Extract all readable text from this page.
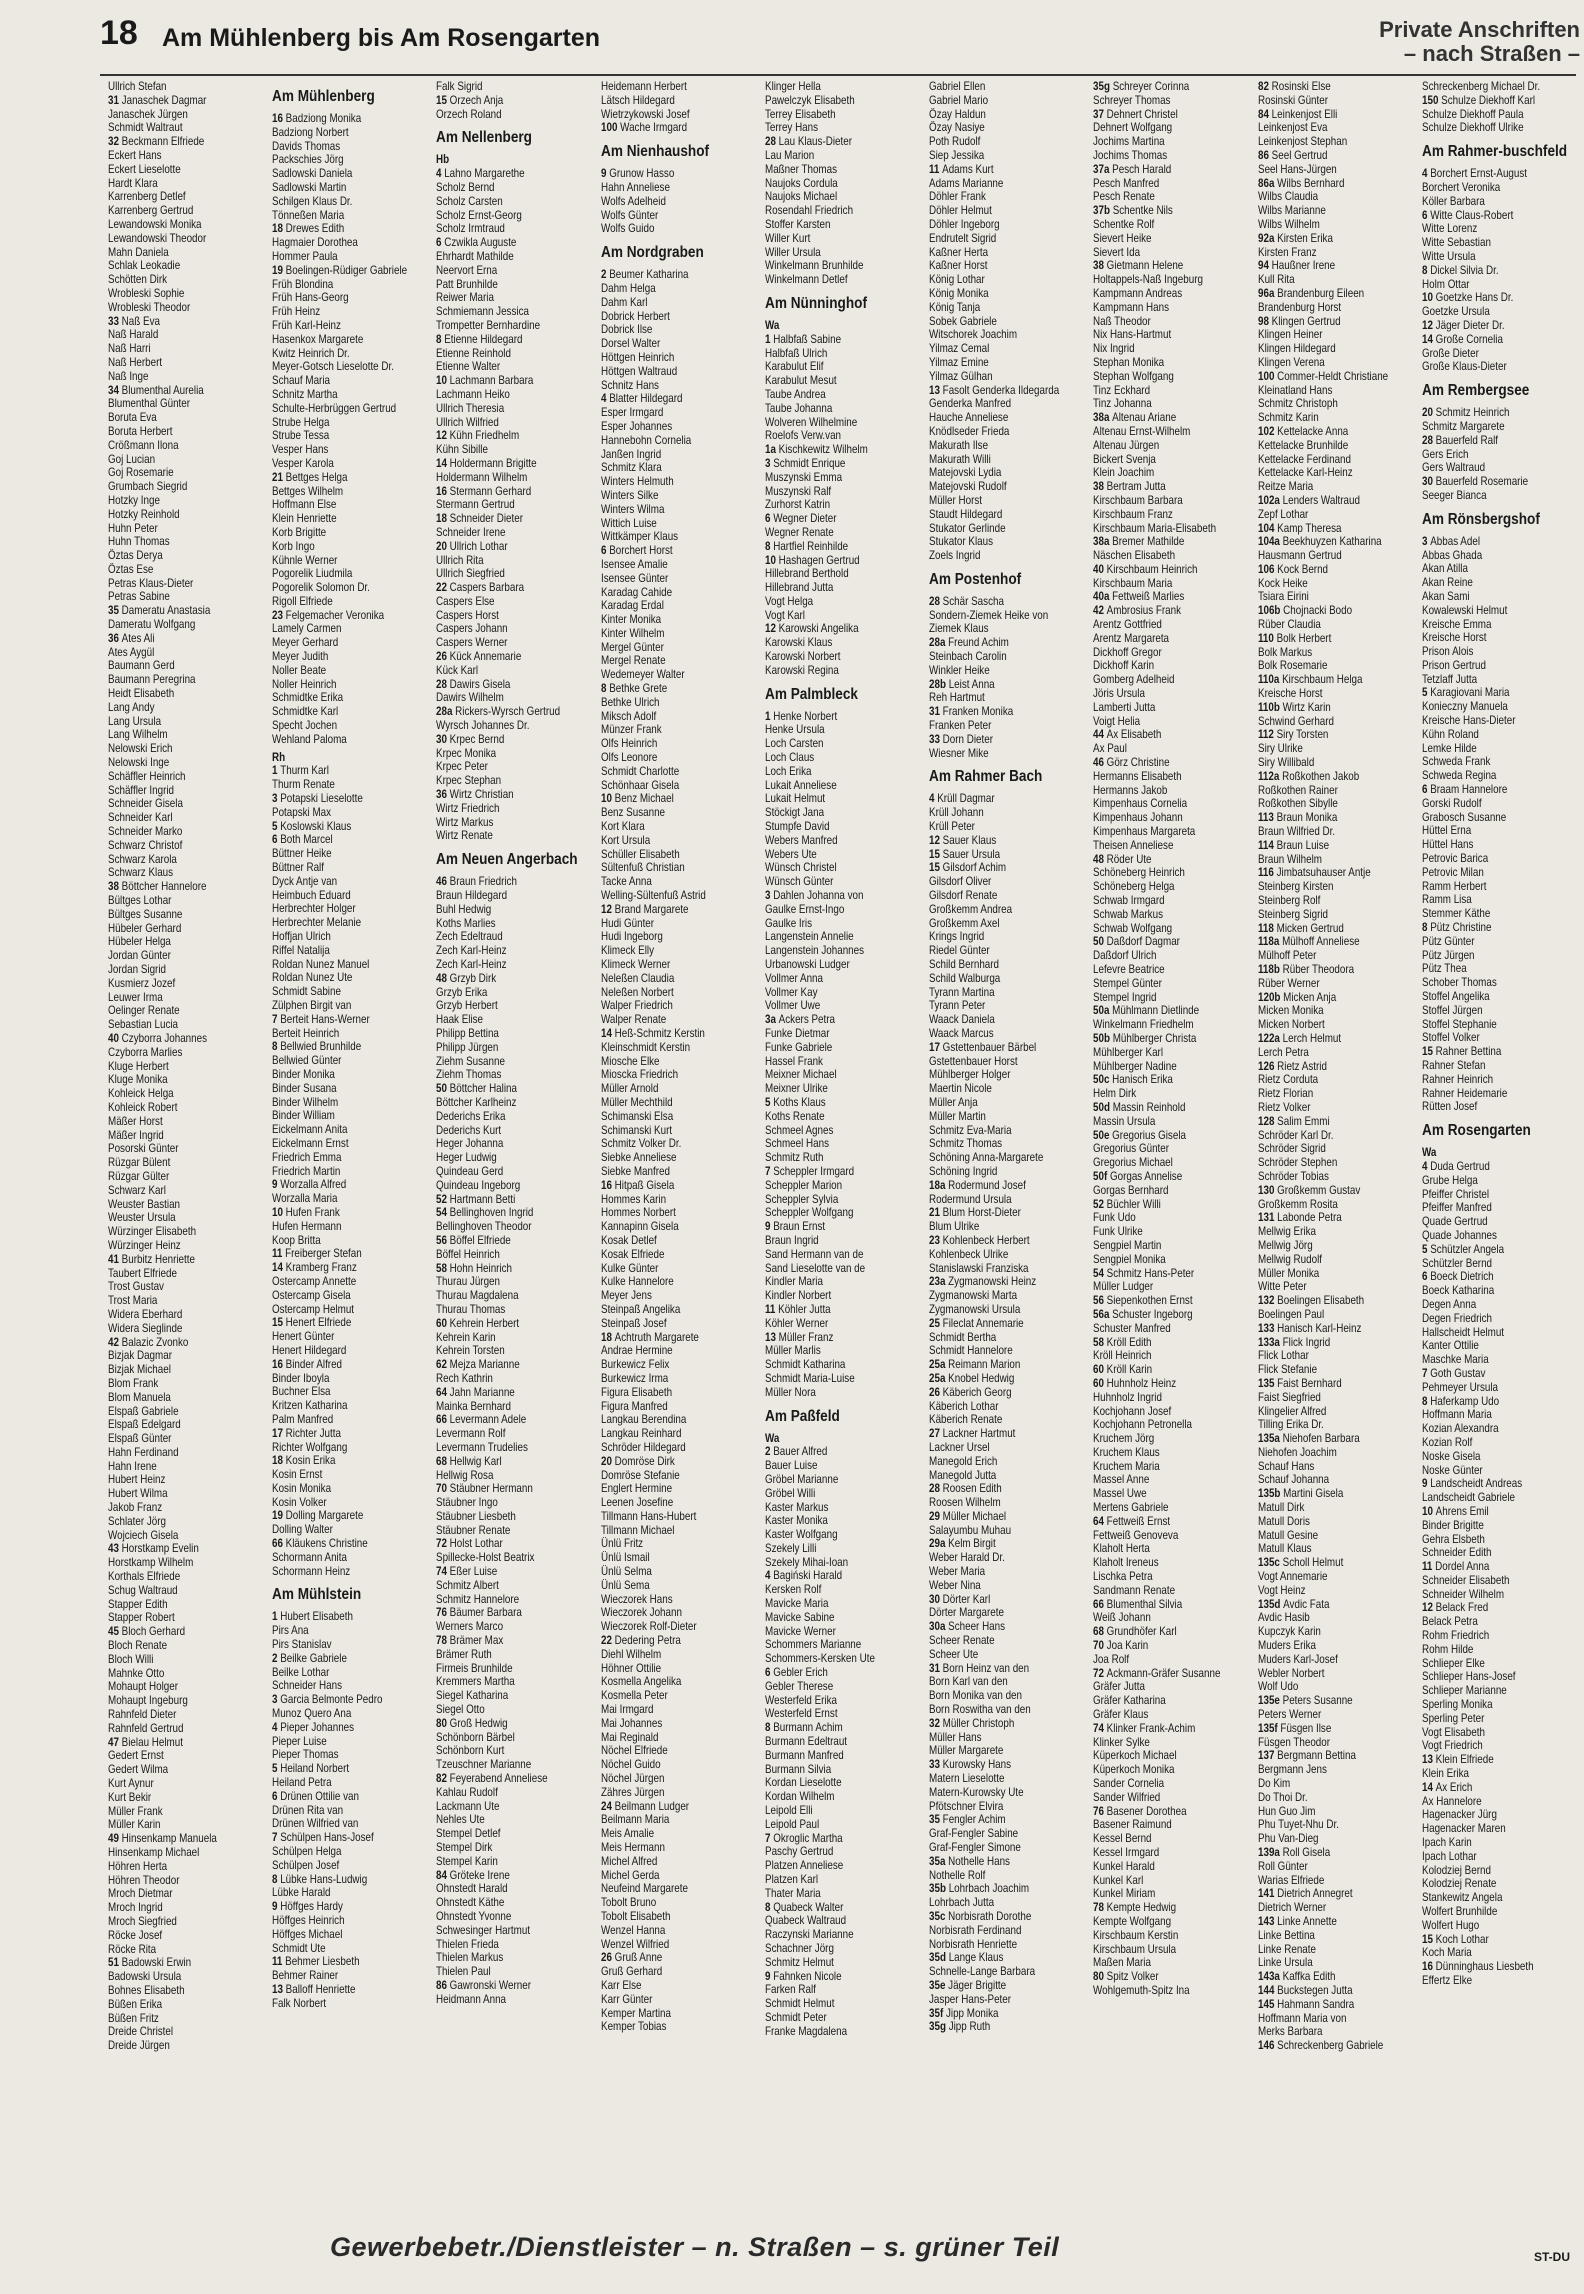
18 Am Mühlenberg bis Am Rosengarten	Private Anschriften
– nach Straßen –
Ullrich Stefan
31 Janaschek Dagmar
Janaschek Jürgen
Schmidt Waltraut
32 Beckmann Elfriede
Eckert Hans
Eckert Lieselotte
Hardt Klara
Karrenberg Detlef
Karrenberg Gertrud
Lewandowski Monika
Lewandowski Theodor
Mahn Daniela
Schlak Leokadie
Schötten Dirk
Wrobleski Sophie
Wrobleski Theodor
33 Naß Eva
Naß Harald
Naß Harri
Naß Herbert
Naß Inge
34 Blumenthal Aurelia
Blumenthal Günter
Boruta Eva
Boruta Herbert
Crößmann Ilona
Goj Lucian
Goj Rosemarie
Grumbach Siegrid
Hotzky Inge
Hotzky Reinhold
Huhn Peter
Huhn Thomas
Öztas Derya
Öztas Ese
Petras Klaus-Dieter
Petras Sabine
35 Dameratu Anastasia
Dameratu Wolfgang
36 Ates Ali
Ates Aygül
Baumann Gerd
Baumann Peregrina
Heidt Elisabeth
Lang Andy
Lang Ursula
Lang Wilhelm
Nelowski Erich
Nelowski Inge
Schäffler Heinrich
Schäffler Ingrid
Schneider Gisela
Schneider Karl
Schneider Marko
Schwarz Christof
Schwarz Karola
Schwarz Klaus
38 Böttcher Hannelore
Bültges Lothar
Bültges Susanne
Hübeler Gerhard
Hübeler Helga
Jordan Günter
Jordan Sigrid
Kusmierz Jozef
Leuwer Irma
Oelinger Renate
Sebastian Lucia
40 Czyborra Johannes
Czyborra Marlies
Kluge Herbert
Kluge Monika
Kohleick Helga
Kohleick Robert
Mäßer Horst
Mäßer Ingrid
Posorski Günter
Rüzgar Bülent
Rüzgar Gülter
Schwarz Karl
Weuster Bastian
Weuster Ursula
Würzinger Elisabeth
Würzinger Heinz
41 Burbitz Henriette
Taubert Elfriede
Trost Gustav
Trost Maria
Widera Eberhard
Widera Sieglinde
42 Balazic Zvonko
Bizjak Dagmar
Bizjak Michael
Blom Frank
Blom Manuela
Elspaß Gabriele
Elspaß Edelgard
Elspaß Günter
Hahn Ferdinand
Hahn Irene
Hubert Heinz
Hubert Wilma
Jakob Franz
Schlater Jörg
Wojciech Gisela
43 Horstkamp Evelin
Horstkamp Wilhelm
Korthals Elfriede
Schug Waltraud
Stapper Edith
Stapper Robert
45 Bloch Gerhard
Bloch Renate
Bloch Willi
Mahnke Otto
Mohaupt Holger
Mohaupt Ingeburg
Rahnfeld Dieter
Rahnfeld Gertrud
47 Bielau Helmut
Gedert Ernst
Gedert Wilma
Kurt Aynur
Kurt Bekir
Müller Frank
Müller Karin
49 Hinsenkamp Manuela
Hinsenkamp Michael
Höhren Herta
Höhren Theodor
Mroch Dietmar
Mroch Ingrid
Mroch Siegfried
Röcke Josef
Röcke Rita
51 Badowski Erwin
Badowski Ursula
Bohnes Elisabeth
Büßen Erika
Büßen Fritz
Dreide Christel
Dreide Jürgen
Am Mühlenberg
16 Badziong Monika
Badziong Norbert
Davids Thomas
Packschies Jörg
Sadlowski Daniela
Sadlowski Martin
Schilgen Klaus Dr.
Tönneßen Maria
18 Drewes Edith
Hagmaier Dorothea
Hommer Paula
19 Boelingen-Rüdiger Gabriele
Früh Blondina
Früh Hans-Georg
Früh Heinz
Früh Karl-Heinz
Hasenkox Margarete
Kwitz Heinrich Dr.
Meyer-Gotsch Lieselotte Dr.
Schauf Maria
Schnitz Martha
Schulte-Herbrüggen Gertrud
Strube Helga
Strube Tessa
Vesper Hans
Vesper Karola
21 Bettges Helga
Bettges Wilhelm
Hoffmann Else
Klein Henriette
Korb Brigitte
Korb Ingo
Kühnle Werner
Pogorelik Liudmila
Pogorelik Solomon Dr.
Rigoll Elfriede
23 Felgemacher Veronika
Lamely Carmen
Meyer Gerhard
Meyer Judith
Noller Beate
Noller Heinrich
Schmidtke Erika
Schmidtke Karl
Specht Jochen
Wehland Paloma
Rh
1 Thurm Karl
Thurm Renate
3 Potapski Lieselotte
Potapski Max
5 Koslowski Klaus
6 Both Marcel
Büttner Heike
Büttner Ralf
Dyck Antje van
Heimbuch Eduard
Herbrechter Holger
Herbrechter Melanie
Hoffjan Ulrich
Riffel Natalija
Roldan Nunez Manuel
Roldan Nunez Ute
Schmidt Sabine
Zülphen Birgit van
7 Berteit Hans-Werner
Berteit Heinrich
8 Bellwied Brunhilde
Bellwied Günter
Binder Monika
Binder Susana
Binder Wilhelm
Binder William
Eickelmann Anita
Eickelmann Ernst
Friedrich Emma
Friedrich Martin
9 Worzalla Alfred
Worzalla Maria
10 Hufen Frank
Hufen Hermann
Koop Britta
11 Freiberger Stefan
14 Kramberg Franz
Ostercamp Annette
Ostercamp Gisela
Ostercamp Helmut
15 Henert Elfriede
Henert Günter
Henert Hildegard
16 Binder Alfred
Binder Iboyla
Buchner Elsa
Kritzen Katharina
Palm Manfred
17 Richter Jutta
Richter Wolfgang
18 Kosin Erika
Kosin Ernst
Kosin Monika
Kosin Volker
19 Dolling Margarete
Dolling Walter
66 Kläukens Christine
Schormann Anita
Schormann Heinz
Am Mühlstein
1 Hubert Elisabeth
Pirs Ana
Pirs Stanislav
2 Beilke Gabriele
Beilke Lothar
Schneider Hans
3 Garcia Belmonte Pedro
Munoz Quero Ana
4 Pieper Johannes
Pieper Luise
Pieper Thomas
5 Heiland Norbert
Heiland Petra
6 Drünen Ottilie van
Drünen Rita van
Drünen Wilfried van
7 Schülpen Hans-Josef
Schülpen Helga
Schülpen Josef
8 Lübke Hans-Ludwig
Lübke Harald
9 Höffges Hardy
Höffges Heinrich
Höffges Michael
Schmidt Ute
11 Behmer Liesbeth
Behmer Rainer
13 Balloff Henriette
Falk Norbert
Falk Sigrid
15 Orzech Anja
Orzech Roland
Am Nellenberg
Hb
4 Lahno Margarethe
Scholz Bernd
Scholz Carsten
Scholz Ernst-Georg
Scholz Irmtraud
6 Czwikla Auguste
Ehrhardt Mathilde
Neervort Erna
Patt Brunhilde
Reiwer Maria
Schmiemann Jessica
Trompetter Bernhardine
8 Etienne Hildegard
Etienne Reinhold
Etienne Walter
10 Lachmann Barbara
Lachmann Heiko
Ullrich Theresia
Ullrich Wilfried
12 Kühn Friedhelm
Kühn Sibille
14 Holdermann Brigitte
Holdermann Wilhelm
16 Stermann Gerhard
Stermann Gertrud
18 Schneider Dieter
Schneider Irene
20 Ullrich Lothar
Ullrich Rita
Ullrich Siegfried
22 Caspers Barbara
Caspers Else
Caspers Horst
Caspers Johann
Caspers Werner
26 Kück Annemarie
Kück Karl
28 Dawirs Gisela
Dawirs Wilhelm
28a Rickers-Wyrsch Gertrud
Wyrsch Johannes Dr.
30 Krpec Bernd
Krpec Monika
Krpec Peter
Krpec Stephan
36 Wirtz Christian
Wirtz Friedrich
Wirtz Markus
Wirtz Renate
Am Neuen Angerbach
46 Braun Friedrich
Braun Hildegard
Buhl Hedwig
Koths Marlies
Zech Edeltraud
Zech Karl-Heinz
Zech Karl-Heinz
48 Grzyb Dirk
Grzyb Erika
Grzyb Herbert
Haak Elise
Philipp Bettina
Philipp Jürgen
Ziehm Susanne
Ziehm Thomas
50 Böttcher Halina
Böttcher Karlheinz
Dederichs Erika
Dederichs Kurt
Heger Johanna
Heger Ludwig
Quindeau Gerd
Quindeau Ingeborg
52 Hartmann Betti
54 Bellinghoven Ingrid
Bellinghoven Theodor
56 Böffel Elfriede
Böffel Heinrich
58 Hohn Heinrich
Thurau Jürgen
Thurau Magdalena
Thurau Thomas
60 Kehrein Herbert
Kehrein Karin
Kehrein Torsten
62 Mejza Marianne
Rech Kathrin
64 Jahn Marianne
Mainka Bernhard
66 Levermann Adele
Levermann Rolf
Levermann Trudelies
68 Hellwig Karl
Hellwig Rosa
70 Stäubner Hermann
Stäubner Ingo
Stäubner Liesbeth
Stäubner Renate
72 Holst Lothar
Spillecke-Holst Beatrix
74 Eßer Luise
Schmitz Albert
Schmitz Hannelore
76 Bäumer Barbara
Werners Marco
78 Brämer Max
Brämer Ruth
Firmeis Brunhilde
Kremmers Martha
Siegel Katharina
Siegel Otto
80 Groß Hedwig
Schönborn Bärbel
Schönborn Kurt
Tzeuschner Marianne
82 Feyerabend Anneliese
Kahlau Rudolf
Lackmann Ute
Nehles Ute
Stempel Detlef
Stempel Dirk
Stempel Karin
84 Gröteke Irene
Ohnstedt Harald
Ohnstedt Käthe
Ohnstedt Yvonne
Schwesinger Hartmut
Thielen Frieda
Thielen Markus
Thielen Paul
86 Gawronski Werner
Heidmann Anna
Heidemann Herbert
Lätsch Hildegard
Wietrzykowski Josef
100 Wache Irmgard
Am Nienhaushof
9 Grunow Hasso
Hahn Anneliese
Wolfs Adelheid
Wolfs Günter
Wolfs Guido
Am Nordgraben
2 Beumer Katharina
Dahm Helga
Dahm Karl
Dobrick Herbert
Dobrick Ilse
Dorsel Walter
Höttgen Heinrich
Höttgen Waltraud
Schnitz Hans
4 Blatter Hildegard
Esper Irmgard
Esper Johannes
Hannebohn Cornelia
Janßen Ingrid
Schmitz Klara
Winters Helmuth
Winters Silke
Winters Wilma
Wittich Luise
Wittkämper Klaus
6 Borchert Horst
Isensee Amalie
Isensee Günter
Karadag Cahide
Karadag Erdal
Kinter Monika
Kinter Wilhelm
Mergel Günter
Mergel Renate
Wedemeyer Walter
8 Bethke Grete
Bethke Ulrich
Miksch Adolf
Münzer Frank
Olfs Heinrich
Olfs Leonore
Schmidt Charlotte
Schönhaar Gisela
10 Benz Michael
Benz Susanne
Kort Klara
Kort Ursula
Schüller Elisabeth
Sültenfuß Christian
Tacke Anna
Welling-Sültenfuß Astrid
12 Brand Margarete
Hudi Günter
Hudi Ingeborg
Klimeck Elly
Klimeck Werner
Neleßen Claudia
Neleßen Norbert
Walper Friedrich
Walper Renate
14 Heß-Schmitz Kerstin
Kleinschmidt Kerstin
Miosche Elke
Mioscka Friedrich
Müller Arnold
Müller Mechthild
Schimanski Elsa
Schimanski Kurt
Schmitz Volker Dr.
Siebke Anneliese
Siebke Manfred
16 Hitpaß Gisela
Hommes Karin
Hommes Norbert
Kannapinn Gisela
Kosak Detlef
Kosak Elfriede
Kulke Günter
Kulke Hannelore
Meyer Jens
Steinpaß Angelika
Steinpaß Josef
18 Achtruth Margarete
Andrae Hermine
Burkewicz Felix
Burkewicz Irma
Figura Elisabeth
Figura Manfred
Langkau Berendina
Langkau Reinhard
Schröder Hildegard
20 Domröse Dirk
Domröse Stefanie
Englert Hermine
Leenen Josefine
Tillmann Hans-Hubert
Tillmann Michael
Ünlü Fritz
Ünlü Ismail
Ünlü Selma
Ünlü Sema
Wieczorek Hans
Wieczorek Johann
Wieczorek Rolf-Dieter
22 Dedering Petra
Diehl Wilhelm
Höhner Ottilie
Kosmella Angelika
Kosmella Peter
Mai Irmgard
Mai Johannes
Mai Reginald
Nöchel Elfriede
Nöchel Guido
Nöchel Jürgen
Zähres Jürgen
24 Beilmann Ludger
Beilmann Maria
Meis Amalie
Meis Hermann
Michel Alfred
Michel Gerda
Neufeind Margarete
Tobolt Bruno
Tobolt Elisabeth
Wenzel Hanna
Wenzel Wilfried
26 Gruß Anne
Gruß Gerhard
Karr Else
Karr Günter
Kemper Martina
Kemper Tobias
Klinger Hella
Pawelczyk Elisabeth
Terrey Elisabeth
Terrey Hans
28 Lau Klaus-Dieter
Lau Marion
Maßner Thomas
Naujoks Cordula
Naujoks Michael
Rosendahl Friedrich
Stoffer Karsten
Willer Kurt
Willer Ursula
Winkelmann Brunhilde
Winkelmann Detlef
Am Nünninghof
Wa
1 Halbfaß Sabine
Halbfaß Ulrich
Karabulut Elif
Karabulut Mesut
Taube Andrea
Taube Johanna
Wolveren Wilhelmine
Roelofs Verw.van
1a Kischkewitz Wilhelm
3 Schmidt Enrique
Muszynski Emma
Muszynski Ralf
Zurhorst Katrin
6 Wegner Dieter
Wegner Renate
8 Hartfiel Reinhilde
10 Hashagen Gertrud
Hillebrand Berthold
Hillebrand Jutta
Vogt Helga
Vogt Karl
12 Karowski Angelika
Karowski Klaus
Karowski Norbert
Karowski Regina
Am Palmbleck
1 Henke Norbert
Henke Ursula
Loch Carsten
Loch Claus
Loch Erika
Lukait Anneliese
Lukait Helmut
Stöckigt Jana
Stumpfe David
Webers Manfred
Webers Ute
Wünsch Christel
Wünsch Günter
3 Dahlen Johanna von
Gaulke Ernst-Ingo
Gaulke Iris
Langenstein Annelie
Langenstein Johannes
Urbanowski Ludger
Vollmer Anna
Vollmer Kay
Vollmer Uwe
3a Ackers Petra
Funke Dietmar
Funke Gabriele
Hassel Frank
Meixner Michael
Meixner Ulrike
5 Koths Klaus
Koths Renate
Schmeel Agnes
Schmeel Hans
Schmitz Ruth
7 Scheppler Irmgard
Scheppler Marion
Scheppler Sylvia
Scheppler Wolfgang
9 Braun Ernst
Braun Ingrid
Sand Hermann van de
Sand Lieselotte van de
Kindler Maria
Kindler Norbert
11 Köhler Jutta
Köhler Werner
13 Müller Franz
Müller Marlis
Schmidt Katharina
Schmidt Maria-Luise
Müller Nora
Am Paßfeld
Wa
2 Bauer Alfred
Bauer Luise
Gröbel Marianne
Gröbel Willi
Kaster Markus
Kaster Monika
Kaster Wolfgang
Szekely Lilli
Szekely Mihai-Ioan
4 Bagiński Harald
Kersken Rolf
Mavicke Maria
Mavicke Sabine
Mavicke Werner
Schommers Marianne
Schommers-Kersken Ute
6 Gebler Erich
Gebler Therese
Westerfeld Erika
Westerfeld Ernst
8 Burmann Achim
Burmann Edeltraut
Burmann Manfred
Burmann Silvia
Kordan Lieselotte
Kordan Wilhelm
Leipold Elli
Leipold Paul
7 Okroglic Martha
Paschy Gertrud
Platzen Anneliese
Platzen Karl
Thater Maria
8 Quabeck Walter
Quabeck Waltraud
Raczynski Marianne
Schachner Jörg
Schmitz Helmut
9 Fahnken Nicole
Farken Ralf
Schmidt Helmut
Schmidt Peter
Franke Magdalena
Gabriel Ellen
Gabriel Mario
Özay Haldun
Özay Nasiye
Poth Rudolf
Siep Jessika
11 Adams Kurt
Adams Marianne
Döhler Frank
Döhler Helmut
Döhler Ingeborg
Endrutelt Sigrid
Kaßner Herta
Kaßner Horst
König Lothar
König Monika
König Tanja
Sobek Gabriele
Witschorek Joachim
Yilmaz Cemal
Yilmaz Emine
Yilmaz Gülhan
13 Fasolt Genderka Ildegarda
Genderka Manfred
Hauche Anneliese
Knödlseder Frieda
Makurath Ilse
Makurath Willi
Matejovski Lydia
Matejovski Rudolf
Müller Horst
Staudt Hildegard
Stukator Gerlinde
Stukator Klaus
Zoels Ingrid
Am Postenhof
28 Schär Sascha
Sondern-Ziemek Heike von
Ziemek Klaus
28a Freund Achim
Steinbach Carolin
Winkler Heike
28b Leist Anna
Reh Hartmut
31 Franken Monika
Franken Peter
33 Dorn Dieter
Wiesner Mike
Am Rahmer Bach
4 Krüll Dagmar
Krüll Johann
Krüll Peter
12 Sauer Klaus
15 Sauer Ursula
15 Gilsdorf Achim
Gilsdorf Oliver
Gilsdorf Renate
Großkemm Andrea
Großkemm Axel
Krings Ingrid
Riedel Günter
Schild Bernhard
Schild Walburga
Tyrann Martina
Tyrann Peter
Waack Daniela
Waack Marcus
17 Gstettenbauer Bärbel
Gstettenbauer Horst
Mühlberger Holger
Maertin Nicole
Müller Anja
Müller Martin
Schmitz Eva-Maria
Schmitz Thomas
Schöning Anna-Margarete
Schöning Ingrid
18a Rodermund Josef
Rodermund Ursula
21 Blum Horst-Dieter
Blum Ulrike
23 Kohlenbeck Herbert
Kohlenbeck Ulrike
Stanislawski Franziska
23a Zygmanowski Heinz
Zygmanowski Marta
Zygmanowski Ursula
25 Fileclat Annemarie
Schmidt Bertha
Schmidt Hannelore
25a Reimann Marion
25a Knobel Hedwig
26 Käberich Georg
Käberich Lothar
Käberich Renate
27 Lackner Hartmut
Lackner Ursel
Manegold Erich
Manegold Jutta
28 Roosen Edith
Roosen Wilhelm
29 Müller Michael
Salayumbu Muhau
29a Kelm Birgit
Weber Harald Dr.
Weber Maria
Weber Nina
30 Dörter Karl
Dörter Margarete
30a Scheer Hans
Scheer Renate
Scheer Ute
31 Born Heinz van den
Born Karl van den
Born Monika van den
Born Roswitha van den
32 Müller Christoph
Müller Hans
Müller Margarete
33 Kurowsky Hans
Matern Lieselotte
Matern-Kurowsky Ute
Pfötschner Elvira
35 Fengler Achim
Graf-Fengler Sabine
Graf-Fengler Simone
35a Nothelle Hans
Nothelle Rolf
35b Lohrbach Joachim
Lohrbach Jutta
35c Norbisrath Dorothe
Norbisrath Ferdinand
Norbisrath Henriette
35d Lange Klaus
Schnelle-Lange Barbara
35e Jäger Brigitte
Jasper Hans-Peter
35f Jipp Monika
35g Jipp Ruth
35g Schreyer Corinna
Schreyer Thomas
37 Dehnert Christel
Dehnert Wolfgang
Jochims Martina
Jochims Thomas
37a Pesch Harald
Pesch Manfred
Pesch Renate
37b Schentke Nils
Schentke Rolf
Sievert Heike
Sievert Ida
38 Gietmann Helene
Holtappels-Naß Ingeburg
Kampmann Andreas
Kampmann Hans
Naß Theodor
Nix Hans-Hartmut
Nix Ingrid
Stephan Monika
Stephan Wolfgang
Tinz Eckhard
Tinz Johanna
38a Altenau Ariane
Altenau Ernst-Wilhelm
Altenau Jürgen
Bickert Svenja
Klein Joachim
38 Bertram Jutta
Kirschbaum Barbara
Kirschbaum Franz
Kirschbaum Maria-Elisabeth
38a Bremer Mathilde
Näschen Elisabeth
40 Kirschbaum Heinrich
Kirschbaum Maria
40a Fettweiß Marlies
42 Ambrosius Frank
Arentz Gottfried
Arentz Margareta
Dickhoff Gregor
Dickhoff Karin
Gomberg Adelheid
Jöris Ursula
Lamberti Jutta
Voigt Helia
44 Ax Elisabeth
Ax Paul
46 Görz Christine
Hermanns Elisabeth
Hermanns Jakob
Kimpenhaus Cornelia
Kimpenhaus Johann
Kimpenhaus Margareta
Theisen Anneliese
48 Röder Ute
Schöneberg Heinrich
Schöneberg Helga
Schwab Irmgard
Schwab Markus
Schwab Wolfgang
50 Daßdorf Dagmar
Daßdorf Ulrich
Lefevre Beatrice
Stempel Günter
Stempel Ingrid
50a Mühlmann Dietlinde
Winkelmann Friedhelm
50b Mühlberger Christa
Mühlberger Karl
Mühlberger Nadine
50c Hanisch Erika
Helm Dirk
50d Massin Reinhold
Massin Ursula
50e Gregorius Gisela
Gregorius Günter
Gregorius Michael
50f Gorgas Annelise
Gorgas Bernhard
52 Büchler Willi
Funk Udo
Funk Ulrike
Sengpiel Martin
Sengpiel Monika
54 Schmitz Hans-Peter
Müller Ludger
56 Siepenkothen Ernst
56a Schuster Ingeborg
Schuster Manfred
58 Kröll Edith
Kröll Heinrich
60 Kröll Karin
60 Huhnholz Heinz
Huhnholz Ingrid
Kochjohann Josef
Kochjohann Petronella
Kruchem Jörg
Kruchem Klaus
Kruchem Maria
Massel Anne
Massel Uwe
Mertens Gabriele
64 Fettweiß Ernst
Fettweiß Genoveva
Klaholt Herta
Klaholt Ireneus
Lischka Petra
Sandmann Renate
66 Blumenthal Silvia
Weiß Johann
68 Grundhöfer Karl
70 Joa Karin
Joa Rolf
72 Ackmann-Gräfer Susanne
Gräfer Jutta
Gräfer Katharina
Gräfer Klaus
74 Klinker Frank-Achim
Klinker Sylke
Küperkoch Michael
Küperkoch Monika
Sander Cornelia
Sander Wilfried
76 Basener Dorothea
Basener Raimund
Kessel Bernd
Kessel Irmgard
Kunkel Harald
Kunkel Karl
Kunkel Miriam
78 Kempte Hedwig
Kempte Wolfgang
Kirschbaum Kerstin
Kirschbaum Ursula
Maßen Maria
80 Spitz Volker
Wohlgemuth-Spitz Ina
82 Rosinski Else
Rosinski Günter
84 Leinkenjost Elli
Leinkenjost Eva
Leinkenjost Stephan
86 Seel Gertrud
Seel Hans-Jürgen
86a Wilbs Bernhard
Wilbs Claudia
Wilbs Marianne
Wilbs Wilhelm
92a Kirsten Erika
Kirsten Franz
94 Haußner Irene
Kull Rita
96a Brandenburg Eileen
Brandenburg Horst
98 Klingen Gertrud
Klingen Heiner
Klingen Hildegard
Klingen Verena
100 Commer-Heldt Christiane
Kleinatland Hans
Schmitz Christoph
Schmitz Karin
102 Kettelacke Anna
Kettelacke Brunhilde
Kettelacke Ferdinand
Kettelacke Karl-Heinz
Reitze Maria
102a Lenders Waltraud
Zepf Lothar
104 Kamp Theresa
104a Beekhuyzen Katharina
Hausmann Gertrud
106 Kock Bernd
Kock Heike
Tsiara Eirini
106b Chojnacki Bodo
Rüber Claudia
110 Bolk Herbert
Bolk Markus
Bolk Rosemarie
110a Kirschbaum Helga
Kreische Horst
110b Wirtz Karin
Schwind Gerhard
112 Siry Torsten
Siry Ulrike
Siry Willibald
112a Roßkothen Jakob
Roßkothen Rainer
Roßkothen Sibylle
113 Braun Monika
Braun Wilfried Dr.
114 Braun Luise
Braun Wilhelm
116 Jimbatsuhauser Antje
Steinberg Kirsten
Steinberg Rolf
Steinberg Sigrid
118 Micken Gertrud
118a Mülhoff Anneliese
Mülhoff Peter
118b Rüber Theodora
Rüber Werner
120b Micken Anja
Micken Monika
Micken Norbert
122a Lerch Helmut
Lerch Petra
126 Rietz Astrid
Rietz Corduta
Rietz Florian
Rietz Volker
128 Salim Emmi
Schröder Karl Dr.
Schröder Sigrid
Schröder Stephen
Schröder Tobias
130 Großkemm Gustav
Großkemm Rosita
131 Labonde Petra
Mellwig Erika
Mellwig Jörg
Mellwig Rudolf
Müller Monika
Witte Peter
132 Boelingen Elisabeth
Boelingen Paul
133 Hanisch Karl-Heinz
133a Flick Ingrid
Flick Lothar
Flick Stefanie
135 Faist Bernhard
Faist Siegfried
Klingelier Alfred
Tilling Erika Dr.
135a Niehofen Barbara
Niehofen Joachim
Schauf Hans
Schauf Johanna
135b Martini Gisela
Matull Dirk
Matull Doris
Matull Gesine
Matull Klaus
135c Scholl Helmut
Vogt Annemarie
Vogt Heinz
135d Avdic Fata
Avdic Hasib
Kupczyk Karin
Muders Erika
Muders Karl-Josef
Webler Norbert
Wolf Udo
135e Peters Susanne
Peters Werner
135f Füsgen Ilse
Füsgen Theodor
137 Bergmann Bettina
Bergmann Jens
Do Kim
Do Thoi Dr.
Hun Guo Jim
Phu Tuyet-Nhu Dr.
Phu Van-Dieg
139a Roll Gisela
Roll Günter
Warias Elfriede
141 Dietrich Annegret
Dietrich Werner
143 Linke Annette
Linke Bettina
Linke Renate
Linke Ursula
143a Kaffka Edith
144 Buckstegen Jutta
145 Hahmann Sandra
Hoffmann Maria von
Merks Barbara
146 Schreckenberg Gabriele
Schreckenberg Michael Dr.
150 Schulze Diekhoff Karl
Schulze Diekhoff Paula
Schulze Diekhoff Ulrike
Am Rahmer-buschfeld
4 Borchert Ernst-August
Borchert Veronika
Köller Barbara
6 Witte Claus-Robert
Witte Lorenz
Witte Sebastian
Witte Ursula
8 Dickel Silvia Dr.
Holm Ottar
10 Goetzke Hans Dr.
Goetzke Ursula
12 Jäger Dieter Dr.
14 Große Cornelia
Große Dieter
Große Klaus-Dieter
Am Rembergsee
20 Schmitz Heinrich
Schmitz Margarete
28 Bauerfeld Ralf
Gers Erich
Gers Waltraud
30 Bauerfeld Rosemarie
Seeger Bianca
Am Rönsbergshof
3 Abbas Adel
Abbas Ghada
Akan Atilla
Akan Reine
Akan Sami
Kowalewski Helmut
Kreische Emma
Kreische Horst
Prison Alois
Prison Gertrud
Tetzlaff Jutta
5 Karagiovani Maria
Konieczny Manuela
Kreische Hans-Dieter
Kühn Roland
Lemke Hilde
Schweda Frank
Schweda Regina
6 Braam Hannelore
Gorski Rudolf
Grabosch Susanne
Hüttel Erna
Hüttel Hans
Petrovic Barica
Petrovic Milan
Ramm Herbert
Ramm Lisa
Stemmer Käthe
8 Pütz Christine
Pütz Günter
Pütz Jürgen
Pütz Thea
Schober Thomas
Stoffel Angelika
Stoffel Jürgen
Stoffel Stephanie
Stoffel Volker
15 Rahner Bettina
Rahner Stefan
Rahner Heinrich
Rahner Heidemarie
Rütten Josef
Am Rosengarten
Wa
4 Duda Gertrud
Grube Helga
Pfeiffer Christel
Pfeiffer Manfred
Quade Gertrud
Quade Johannes
5 Schützler Angela
Schützler Bernd
6 Boeck Dietrich
Boeck Katharina
Degen Anna
Degen Friedrich
Hallscheidt Helmut
Kanter Ottilie
Maschke Maria
7 Goth Gustav
Pehmeyer Ursula
8 Haferkamp Udo
Hoffmann Maria
Kozian Alexandra
Kozian Rolf
Noske Gisela
Noske Günter
9 Landscheidt Andreas
Landscheidt Gabriele
10 Ahrens Emil
Binder Brigitte
Gehra Elsbeth
Schneider Edith
11 Dordel Anna
Schneider Elisabeth
Schneider Wilhelm
12 Belack Fred
Belack Petra
Rohm Friedrich
Rohm Hilde
Schlieper Elke
Schlieper Hans-Josef
Schlieper Marianne
Sperling Monika
Sperling Peter
Vogt Elisabeth
Vogt Friedrich
13 Klein Elfriede
Klein Erika
14 Ax Erich
Ax Hannelore
Hagenacker Jürg
Hagenacker Maren
Ipach Karin
Ipach Lothar
Kolodziej Bernd
Kolodziej Renate
Stankewitz Angela
Wolfert Brunhilde
Wolfert Hugo
15 Koch Lothar
Koch Maria
16 Dünninghaus Liesbeth
Effertz Elke
Gewerbebetr./Dienstleister – n. Straßen – s. grüner Teil	ST-DU
